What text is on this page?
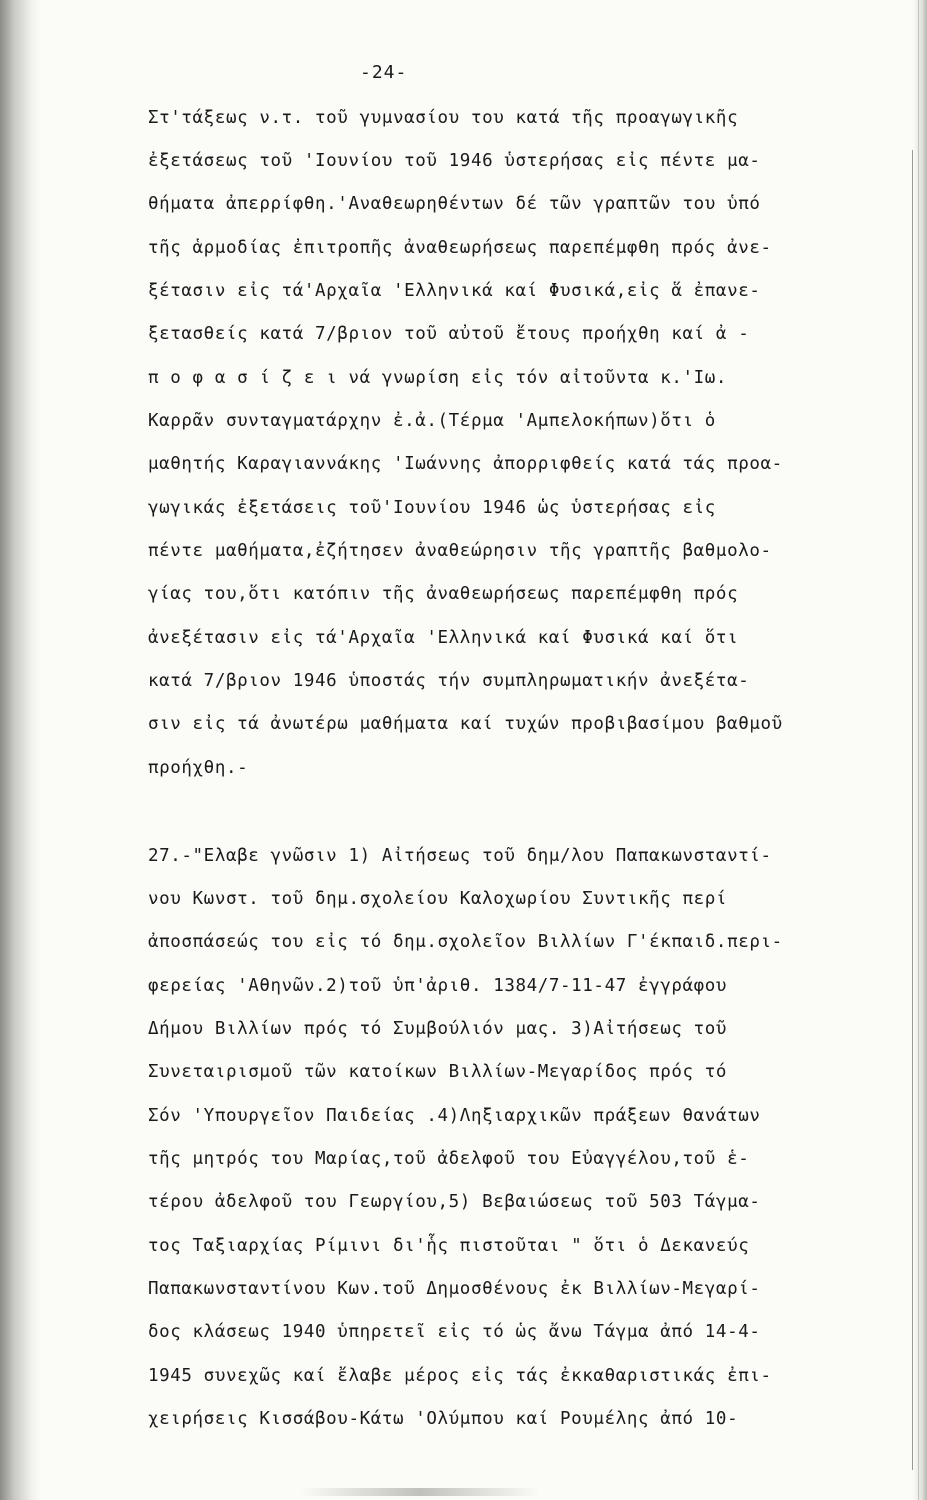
-24-
Στ'τάξεως ν.τ. τοῦ γυμνασίου του κατά τῆς προαγωγικῆς
ἐξετάσεως τοῦ 'Ιουνίου τοῦ 1946 ὑστερήσας εἰς πέντε μα-
θήματα ἀπερρίφθη.'Αναθεωρηθέντων δέ τῶν γραπτῶν του ὑπό
τῆς ἁρμοδίας ἐπιτροπῆς ἀναθεωρήσεως παρεπέμφθη πρός ἀνε-
ξέτασιν εἰς τά'Αρχαῖα 'Ελληνικά καί Φυσικά,εἰς ἅ ἐπανε-
ξετασθείς κατά 7/βριον τοῦ αὐτοῦ ἔτους προήχθη καί ἀ -
π ο φ α σ ί ζ ε ι νά γνωρίση εἰς τόν αἰτοῦντα κ.'Ιω.
Καρρᾶν συνταγματάρχην ἐ.ἀ.(Τέρμα 'Αμπελοκήπων)ὅτι ὁ
μαθητής Καραγιαννάκης 'Ιωάννης ἀπορριφθείς κατά τάς προα-
γωγικάς ἐξετάσεις τοῦ'Ιουνίου 1946 ὡς ὑστερήσας εἰς
πέντε μαθήματα,ἐζήτησεν ἀναθεώρησιν τῆς γραπτῆς βαθμολο-
γίας του,ὅτι κατόπιν τῆς ἀναθεωρήσεως παρεπέμφθη πρός
ἀνεξέτασιν εἰς τά'Αρχαῖα 'Ελληνικά καί Φυσικά καί ὅτι
κατά 7/βριον 1946 ὑποστάς τήν συμπληρωματικήν ἀνεξέτα-
σιν εἰς τά ἀνωτέρω μαθήματα καί τυχών προβιβασίμου βαθμοῦ
προήχθη.-
27.-"Ελαβε γνῶσιν 1) Αἰτήσεως τοῦ δημ/λου Παπακωνσταντί-
νου Κωνστ. τοῦ δημ.σχολείου Καλοχωρίου Συντικῆς περί
ἀποσπάσεώς του εἰς τό δημ.σχολεῖον Βιλλίων Γ'έκπαιδ.περι-
φερείας 'Αθηνῶν.2)τοῦ ὑπ'ἀριθ. 1384/7-11-47 ἐγγράφου
Δήμου Βιλλίων πρός τό Συμβούλιόν μας. 3)Αἰτήσεως τοῦ
Συνεταιρισμοῦ τῶν κατοίκων Βιλλίων-Μεγαρίδος πρός τό
Σόν 'Υπουργεῖον Παιδείας .4)Ληξιαρχικῶν πράξεων θανάτων
τῆς μητρός του Μαρίας,τοῦ ἀδελφοῦ του Εὐαγγέλου,τοῦ ἑ-
τέρου ἀδελφοῦ του Γεωργίου,5) Βεβαιώσεως τοῦ 503 Τάγμα-
τος Ταξιαρχίας Ρίμινι δι'ἧς πιστοῦται " ὅτι ὁ Δεκανεύς
Παπακωνσταντίνου Κων.τοῦ Δημοσθένους ἐκ Βιλλίων-Μεγαρί-
δος κλάσεως 1940 ὑπηρετεῖ εἰς τό ὡς ἄνω Τάγμα ἀπό 14-4-
1945 συνεχῶς καί ἔλαβε μέρος εἰς τάς ἐκκαθαριστικάς ἐπι-
χειρήσεις Κισσάβου-Κάτω 'Ολύμπου καί Ρουμέλης ἀπό 10-
